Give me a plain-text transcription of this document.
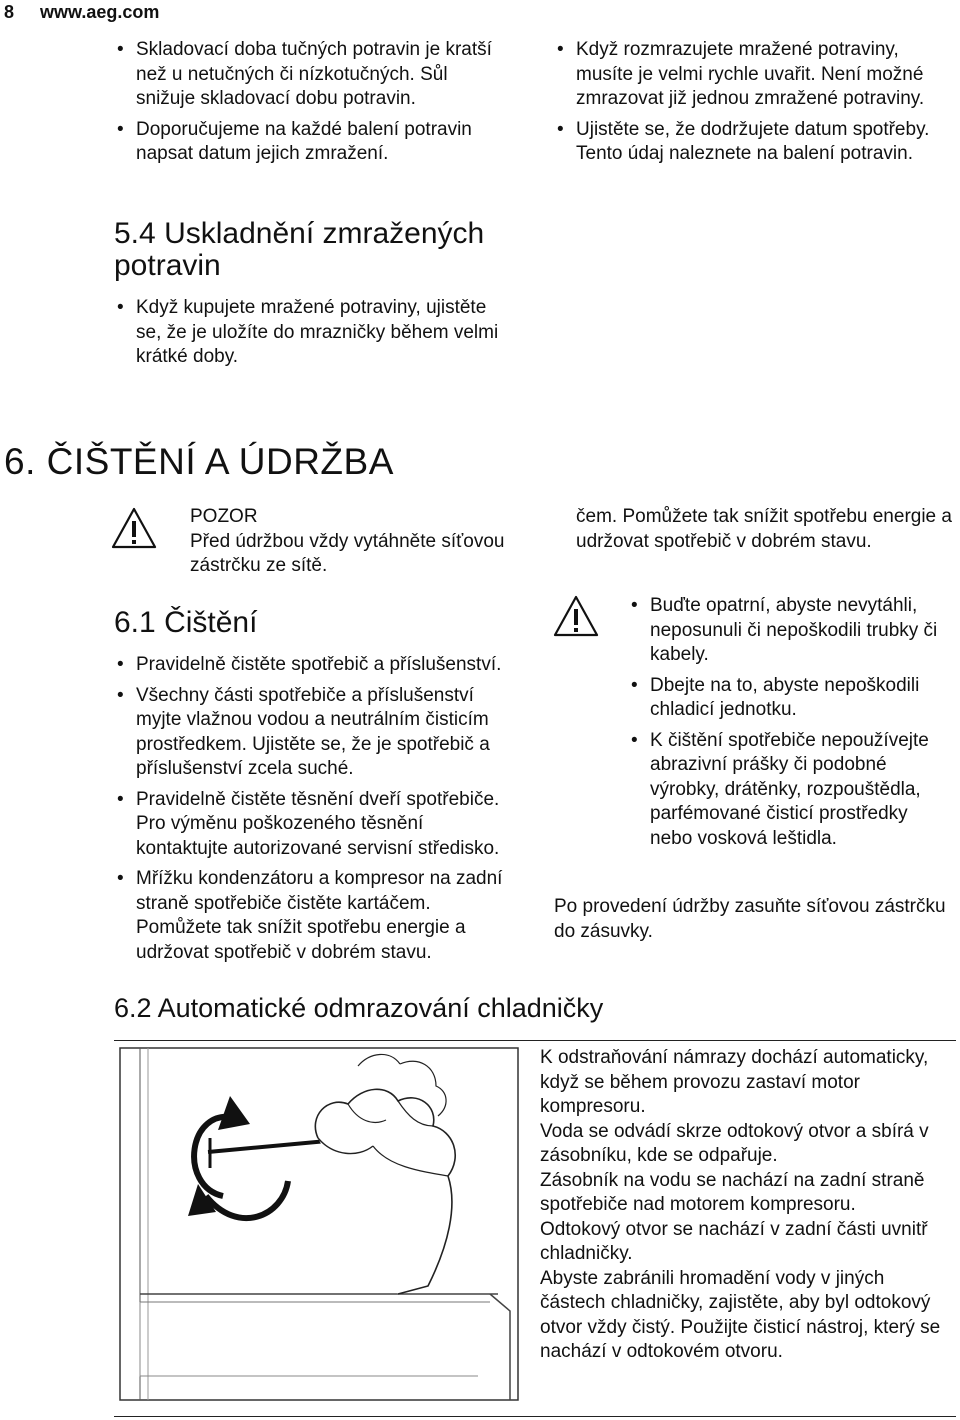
8 www.aeg.com
• Skladovací doba tučných potravin je kratší než u netučných či nízkotučných. Sůl snižuje skladovací dobu potravin.
• Doporučujeme na každé balení potravin napsat datum jejich zmražení.
5.4 Uskladnění zmražených potravin
• Když kupujete mražené potraviny, ujistěte se, že je uložíte do mrazničky během velmi krátké doby.
• Když rozmrazujete mražené potraviny, musíte je velmi rychle uvařit. Není možné zmrazovat již jednou zmražené potraviny.
• Ujistěte se, že dodržujete datum spotřeby. Tento údaj naleznete na balení potravin.
6. ČIŠTĚNÍ A ÚDRŽBA

POZOR

Před údržbou vždy vytáhněte síťovou zástrčku ze sítě.

6.1 Čištění
• Pravidelně čistěte spotřebič a příslušenství.
• Všechny části spotřebiče a příslušenství myjte vlažnou vodou a neutrálním čisticím prostředkem. Ujistěte se, že je spotřebič a příslušenství zcela suché.
• Pravidelně čistěte těsnění dveří spotřebiče. Pro výměnu poškozeného těsnění kontaktujte autorizované servisní středisko.
• Mřížku kondenzátoru a kompresor na zadní straně spotřebiče čistěte kartáčem. Pomůžete tak snížit spotřebu energie a udržovat spotřebič v dobrém stavu.

čem. Pomůžete tak snížit spotřebu energie a udržovat spotřebič v dobrém stavu.

• Buďte opatrní, abyste nevytáhli, neposunuli či nepoškodili trubky či kabely.
• Dbejte na to, abyste nepoškodili chladicí jednotku.
• K čištění spotřebiče nepoužívejte abrazivní prášky či podobné výrobky, drátěnky, rozpouštědla, parfémované čisticí prostředky nebo vosková leštidla.

Po provedení údržby zasuňte síťovou zástrčku do zásuvky.

6.2 Automatické odmrazování chladničky

K odstraňování námrazy dochází automaticky, když se během provozu zastaví motor kompresoru.

Voda se odvádí skrze odtokový otvor a sbírá v zásobníku, kde se odpařuje.

Zásobník na vodu se nachází na zadní straně spotřebiče nad motorem kompresoru.

Odtokový otvor se nachází v zadní části uvnitř chladničky.

Abyste zabránili hromadění vody v jiných částech chladničky, zajistěte, aby byl odtokový otvor vždy čistý. Použijte čisticí nástroj, který se nachází v odtokovém otvoru.
